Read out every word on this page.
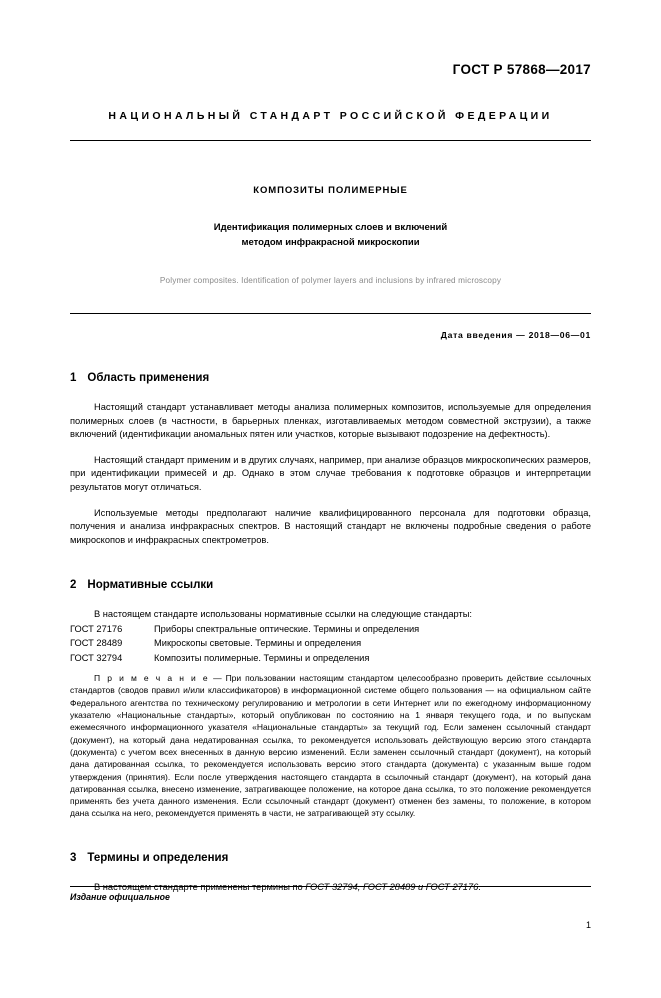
ГОСТ Р 57868—2017
НАЦИОНАЛЬНЫЙ СТАНДАРТ РОССИЙСКОЙ ФЕДЕРАЦИИ
КОМПОЗИТЫ ПОЛИМЕРНЫЕ
Идентификация полимерных слоев и включений
методом инфракрасной микроскопии
Polymer composites. Identification of polymer layers and inclusions by infrared microscopy
Дата введения — 2018—06—01
1 Область применения

Настоящий стандарт устанавливает методы анализа полимерных композитов, используемые для определения полимерных слоев (в частности, в барьерных пленках, изготавливаемых методом совместной экструзии), а также включений (идентификации аномальных пятен или участков, которые вызывают подозрение на дефектность).

Настоящий стандарт применим и в других случаях, например, при анализе образцов микроскопических размеров, при идентификации примесей и др. Однако в этом случае требования к подготовке образцов и интерпретации результатов могут отличаться.

Используемые методы предполагают наличие квалифицированного персонала для подготовки образца, получения и анализа инфракрасных спектров. В настоящий стандарт не включены подробные сведения о работе микроскопов и инфракрасных спектрометров.

2 Нормативные ссылки

В настоящем стандарте использованы нормативные ссылки на следующие стандарты:

ГОСТ 27176	Приборы спектральные оптические. Термины и определения
ГОСТ 28489	Микроскопы световые. Термины и определения
ГОСТ 32794	Композиты полимерные. Термины и определения

П р и м е ч а н и е — При пользовании настоящим стандартом целесообразно проверить действие ссылочных стандартов (сводов правил и/или классификаторов) в информационной системе общего пользования — на официальном сайте Федерального агентства по техническому регулированию и метрологии в сети Интернет или по ежегодному информационному указателю «Национальные стандарты», который опубликован по состоянию на 1 января текущего года, и по выпускам ежемесячного информационного указателя «Национальные стандарты» за текущий год. Если заменен ссылочный стандарт (документ), на который дана недатированная ссылка, то рекомендуется использовать действующую версию этого стандарта (документа) с учетом всех внесенных в данную версию изменений. Если заменен ссылочный стандарт (документ), на который дана датированная ссылка, то рекомендуется использовать версию этого стандарта (документа) с указанным выше годом утверждения (принятия). Если после утверждения настоящего стандарта в ссылочный стандарт (документ), на который дана датированная ссылка, внесено изменение, затрагивающее положение, на которое дана ссылка, то это положение рекомендуется применять без учета данного изменения. Если ссылочный стандарт (документ) отменен без замены, то положение, в котором дана ссылка на него, рекомендуется применять в части, не затрагивающей эту ссылку.

3 Термины и определения

В настоящем стандарте применены термины по ГОСТ 32794, ГОСТ 28489 и ГОСТ 27176.

Издание официальное
1
